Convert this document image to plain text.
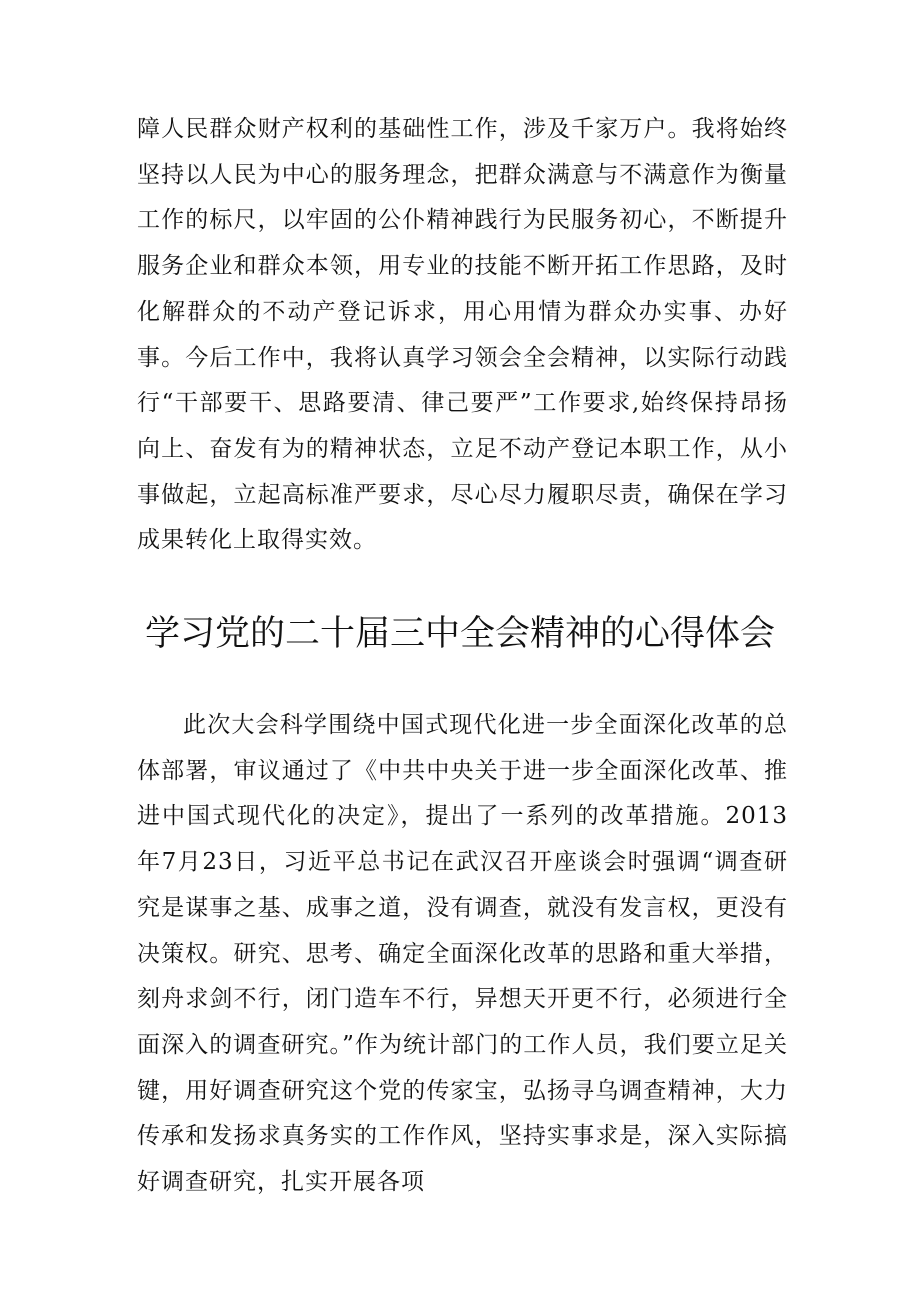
障人民群众财产权利的基础性工作，涉及千家万户。我将始终坚持以人民为中心的服务理念，把群众满意与不满意作为衡量工作的标尺，以牢固的公仆精神践行为民服务初心，不断提升服务企业和群众本领，用专业的技能不断开拓工作思路，及时化解群众的不动产登记诉求，用心用情为群众办实事、办好事。今后工作中，我将认真学习领会全会精神，以实际行动践行“干部要干、思路要清、律己要严”工作要求,始终保持昂扬向上、奋发有为的精神状态，立足不动产登记本职工作，从小事做起，立起高标准严要求，尽心尽力履职尽责，确保在学习成果转化上取得实效。

学习党的二十届三中全会精神的心得体会

此次大会科学围绕中国式现代化进一步全面深化改革的总体部署，审议通过了《中共中央关于进一步全面深化改革、推进中国式现代化的决定》，提出了一系列的改革措施。2013年7月23日，习近平总书记在武汉召开座谈会时强调“调查研究是谋事之基、成事之道，没有调查，就没有发言权，更没有决策权。研究、思考、确定全面深化改革的思路和重大举措，刻舟求剑不行，闭门造车不行，异想天开更不行，必须进行全面深入的调查研究。”作为统计部门的工作人员，我们要立足关键，用好调查研究这个党的传家宝，弘扬寻乌调查精神，大力传承和发扬求真务实的工作作风，坚持实事求是，深入实际搞好调查研究，扎实开展各项
